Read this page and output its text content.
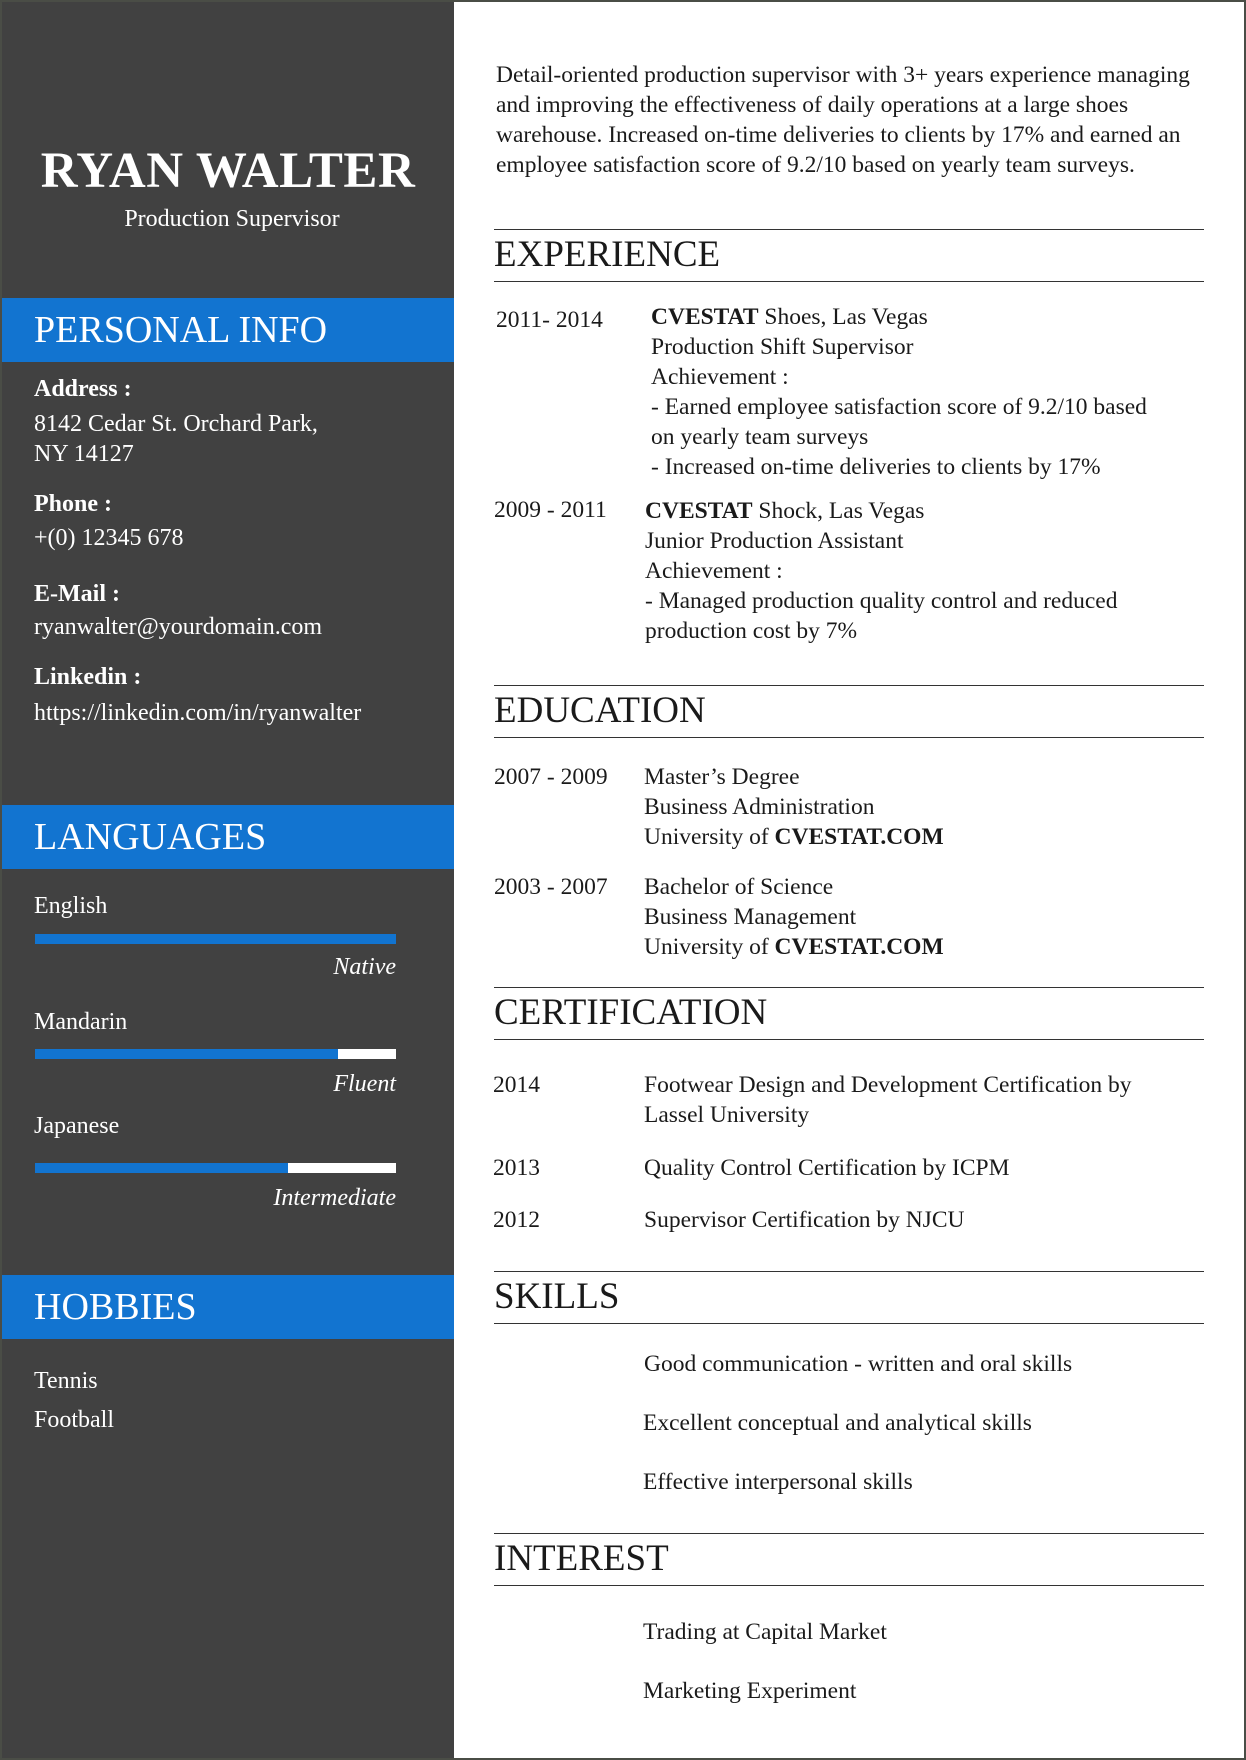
RYAN WALTER
Production Supervisor
PERSONAL INFO
Address :
8142 Cedar St. Orchard Park,
NY 14127
Phone :
+(0) 12345 678
E-Mail :
ryanwalter@yourdomain.com
Linkedin :
https://linkedin.com/in/ryanwalter
LANGUAGES
English
Native
Mandarin
Fluent
Japanese
Intermediate
HOBBIES
Tennis
Football
Detail-oriented production supervisor with 3+ years experience managing and improving the effectiveness of daily operations at a large shoes warehouse. Increased on-time deliveries to clients by 17% and earned an employee satisfaction score of 9.2/10 based on yearly team surveys.
EXPERIENCE
2011- 2014 CVESTAT Shoes, Las Vegas
Production Shift Supervisor
Achievement :
- Earned employee satisfaction score of 9.2/10 based
on yearly team surveys
- Increased on-time deliveries to clients by 17%
2009 - 2011 CVESTAT Shock, Las Vegas
Junior Production Assistant
Achievement :
- Managed production quality control and reduced
production cost by 7%
EDUCATION
2007 - 2009 Master’s Degree
Business Administration
University of CVESTAT.COM
2003 - 2007 Bachelor of Science
Business Management
University of CVESTAT.COM
CERTIFICATION
2014	Footwear Design and Development Certification by
Lassel University
2013	Quality Control Certification by ICPM
2012	Supervisor Certification by NJCU
SKILLS
Good communication - written and oral skills
Excellent conceptual and analytical skills
Effective interpersonal skills
INTEREST
Trading at Capital Market
Marketing Experiment
